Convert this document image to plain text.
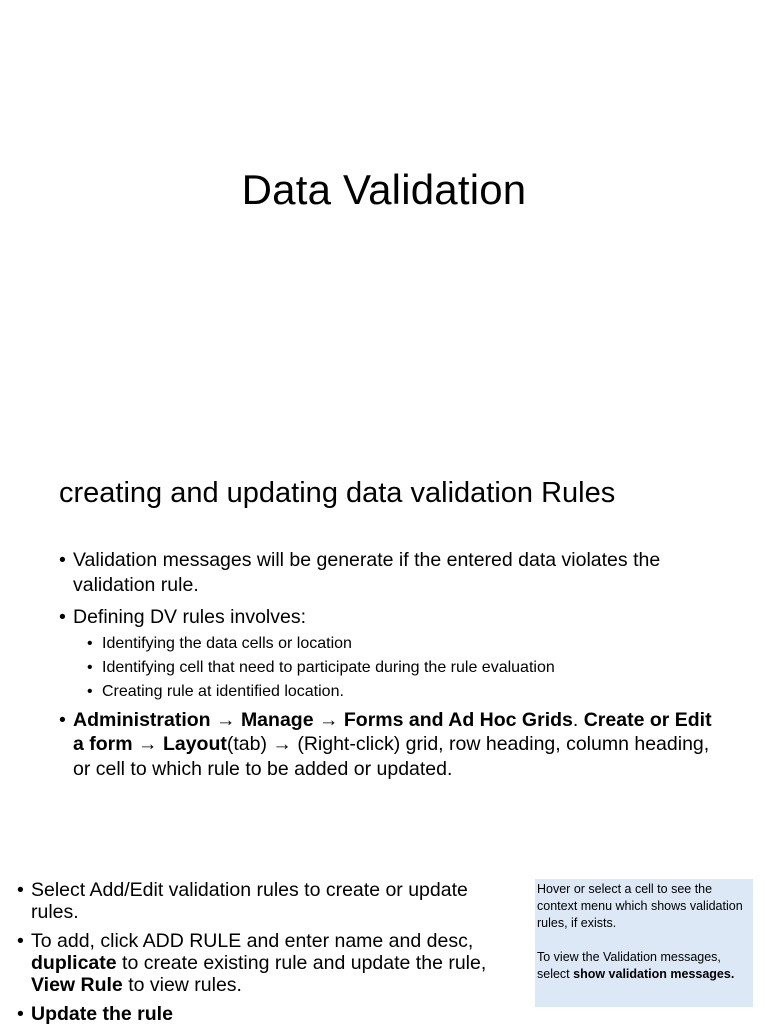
Data Validation
creating and updating data validation Rules
• Validation messages will be generate if the entered data violates the validation rule.
• Defining DV rules involves:
• Identifying the data cells or location
• Identifying cell that need to participate during the rule evaluation
• Creating rule at identified location.
• Administration → Manage → Forms and Ad Hoc Grids. Create or Edit a form → Layout(tab) → (Right-click) grid, row heading, column heading, or cell to which rule to be added or updated.
• Select Add/Edit validation rules to create or update rules.
• To add, click ADD RULE and enter name and desc, duplicate to create existing rule and update the rule, View Rule to view rules.
• Update the rule

Hover or select a cell to see the context menu which shows validation rules, if exists.

To view the Validation messages, select show validation messages.
